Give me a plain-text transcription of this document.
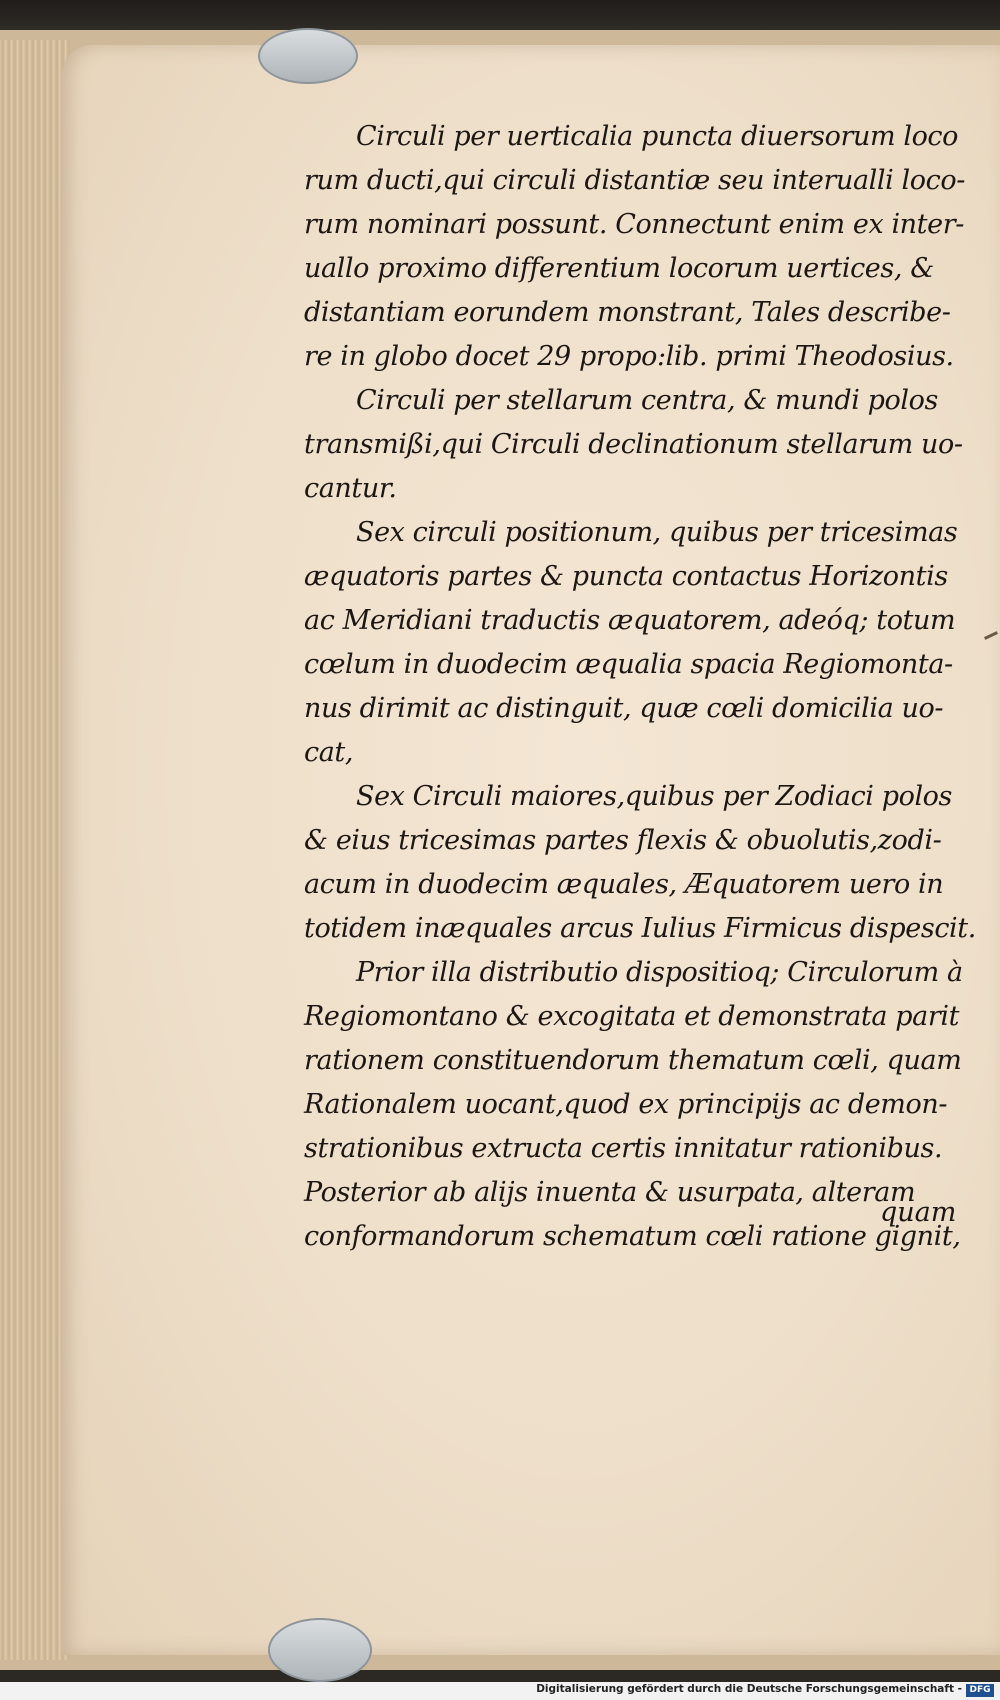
Circuli per uerticalia puncta diuersorum loco
rum ducti,qui circuli distantiæ seu interualli loco-
rum nominari possunt. Connectunt enim ex inter-
uallo proximo differentium locorum uertices, &
distantiam eorundem monstrant, Tales describe-
re in globo docet 29 propo:lib. primi Theodosius.
Circuli per stellarum centra, & mundi polos
transmißi,qui Circuli declinationum stellarum uo-
cantur.
Sex circuli positionum, quibus per tricesimas
æquatoris partes & puncta contactus Horizontis
ac Meridiani traductis æquatorem, adeóq; totum
cœlum in duodecim æqualia spacia Regiomonta-
nus dirimit ac distinguit, quæ cœli domicilia uo-
cat,
Sex Circuli maiores,quibus per Zodiaci polos
& eius tricesimas partes flexis & obuolutis,zodi-
acum in duodecim æquales, Æquatorem uero in
totidem inæquales arcus Iulius Firmicus dispescit.
Prior illa distributio dispositioq; Circulorum à
Regiomontano & excogitata et demonstrata parit
rationem constituendorum thematum cœli, quam
Rationalem uocant,quod ex principijs ac demon-
strationibus extructa certis innitatur rationibus.
Posterior ab alijs inuenta & usurpata, alteram
conformandorum schematum cœli ratione gignit,
quam
Digitalisierung gefördert durch die Deutsche Forschungsgemeinschaft - DFG
